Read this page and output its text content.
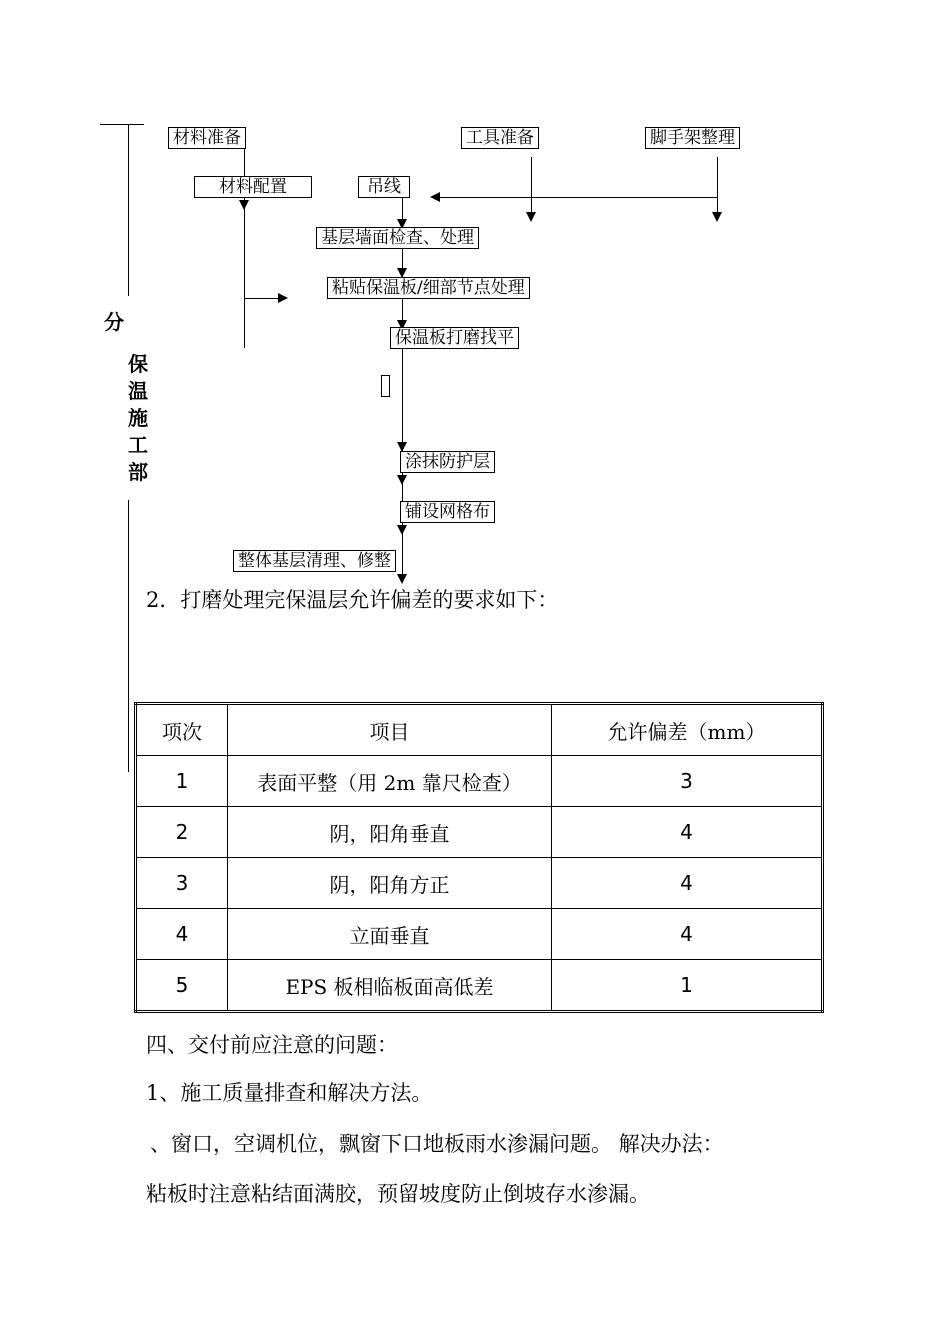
分
保
温
施
工
部
材料准备	工具准备	脚手架整理
材料配置	吊线
基层墙面检查、处理
粘贴保温板/细部节点处理
保温板打磨找平
涂抹防护层
铺设网格布
整体基层清理、修整
2．打磨处理完保温层允许偏差的要求如下：
项次	项目	允许偏差（mm）
1	表面平整（用 2m 靠尺检查）	3
2	阴，阳角垂直	4
3	阴，阳角方正	4
4	立面垂直	4
5	EPS 板相临板面高低差	1
四、交付前应注意的问题：
1、施工质量排查和解决方法。
、窗口，空调机位，飘窗下口地板雨水渗漏问题。 解决办法：
粘板时注意粘结面满胶，预留坡度防止倒坡存水渗漏。
